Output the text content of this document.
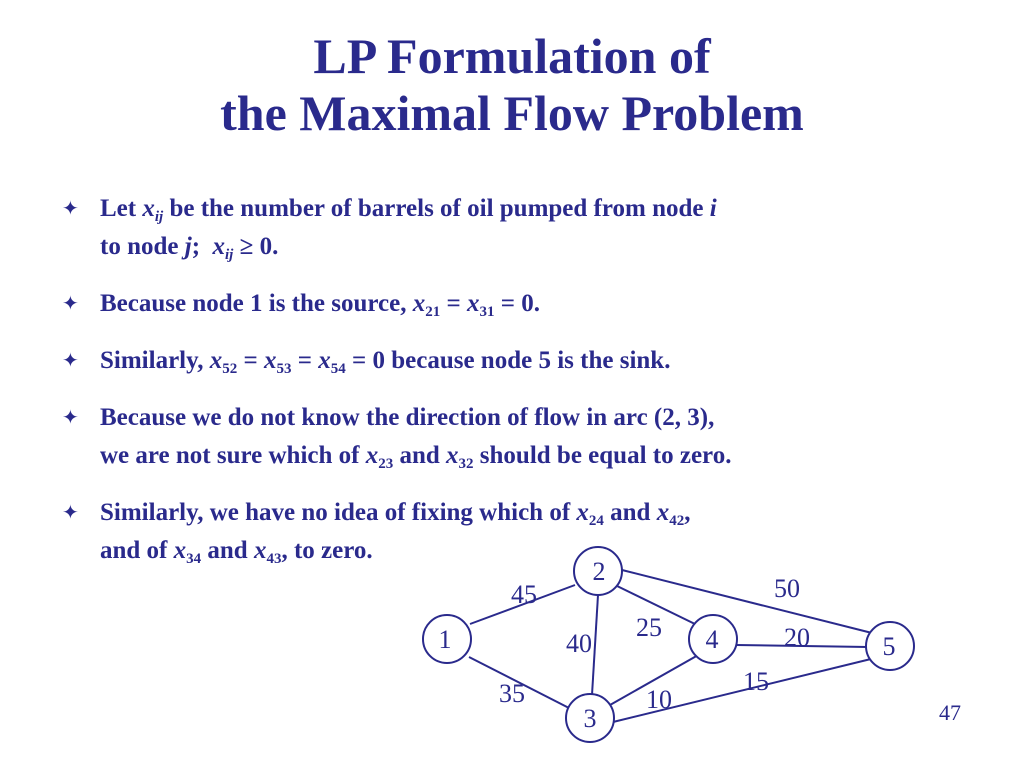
LP Formulation of
the Maximal Flow Problem
✦ Let $x_{ij}$ be the number of barrels of oil pumped from node i
to node j;  $x_{ij} \ge 0$.
✦ Because node 1 is the source, $x_{21} = x_{31} = 0$.
✦ Similarly, $x_{52} = x_{53} = x_{54} = 0$ because node 5 is the sink.
✦ Because we do not know the direction of flow in arc (2, 3),
we are not sure which of $x_{23}$ and $x_{32}$ should be equal to zero.
✦ Similarly, we have no idea of fixing which of $x_{24}$ and $x_{42}$,
and of $x_{34}$ and $x_{43}$, to zero.
1
2
3
4	5
45
35
40
25
50
10
15
20
47
